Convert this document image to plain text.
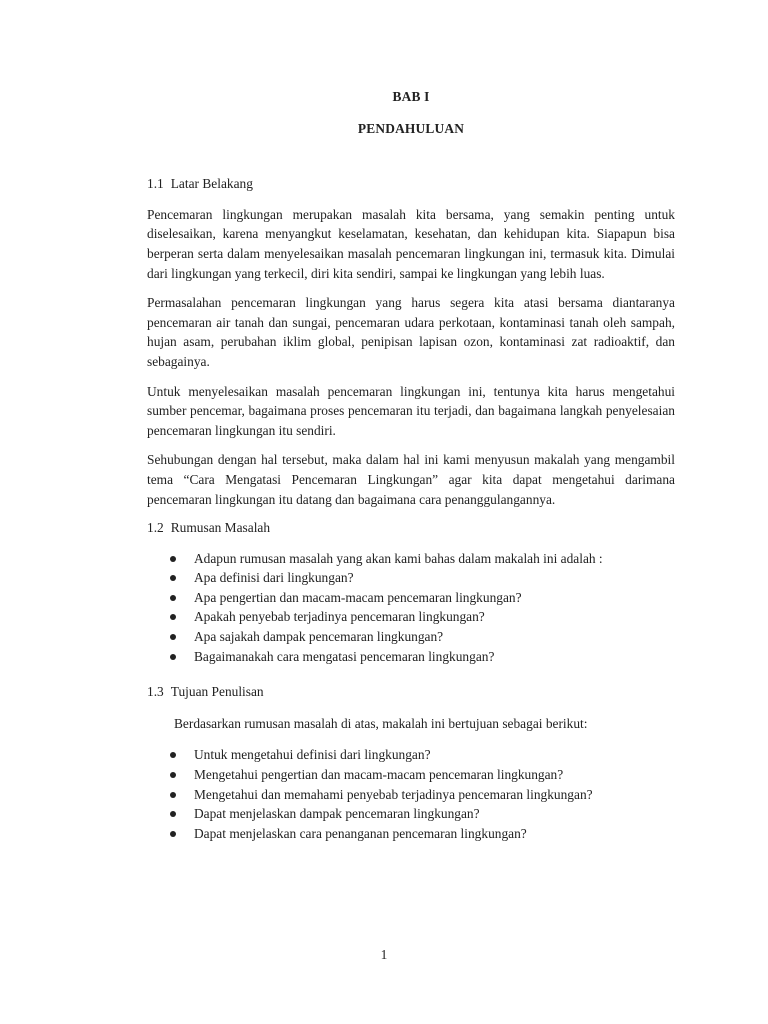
BAB I
PENDAHULUAN
1.1 Latar Belakang

Pencemaran lingkungan merupakan masalah kita bersama, yang semakin penting untuk diselesaikan, karena menyangkut keselamatan, kesehatan, dan kehidupan kita. Siapapun bisa berperan serta dalam menyelesaikan masalah pencemaran lingkungan ini, termasuk kita. Dimulai dari lingkungan yang terkecil, diri kita sendiri, sampai ke lingkungan yang lebih luas.

Permasalahan pencemaran lingkungan yang harus segera kita atasi bersama diantaranya pencemaran air tanah dan sungai, pencemaran udara perkotaan, kontaminasi tanah oleh sampah, hujan asam, perubahan iklim global, penipisan lapisan ozon, kontaminasi zat radioaktif, dan sebagainya.

Untuk menyelesaikan masalah pencemaran lingkungan ini, tentunya kita harus mengetahui sumber pencemar, bagaimana proses pencemaran itu terjadi, dan bagaimana langkah penyelesaian pencemaran lingkungan itu sendiri.

Sehubungan dengan hal tersebut, maka dalam hal ini kami menyusun makalah yang mengambil tema “Cara Mengatasi Pencemaran Lingkungan” agar kita dapat mengetahui darimana pencemaran lingkungan itu datang dan bagaimana cara penanggulangannya.

1.2 Rumusan Masalah
Adapun rumusan masalah yang akan kami bahas dalam makalah ini adalah :
Apa definisi dari lingkungan?
Apa pengertian dan macam-macam pencemaran lingkungan?
Apakah penyebab terjadinya pencemaran lingkungan?
Apa sajakah dampak pencemaran lingkungan?
Bagaimanakah cara mengatasi pencemaran lingkungan?
1.3 Tujuan Penulisan
Berdasarkan rumusan masalah di atas, makalah ini bertujuan sebagai berikut:
Untuk mengetahui definisi dari lingkungan?
Mengetahui pengertian dan macam-macam pencemaran lingkungan?
Mengetahui dan memahami penyebab terjadinya pencemaran lingkungan?
Dapat menjelaskan dampak pencemaran lingkungan?
Dapat menjelaskan cara penanganan pencemaran lingkungan?
1
